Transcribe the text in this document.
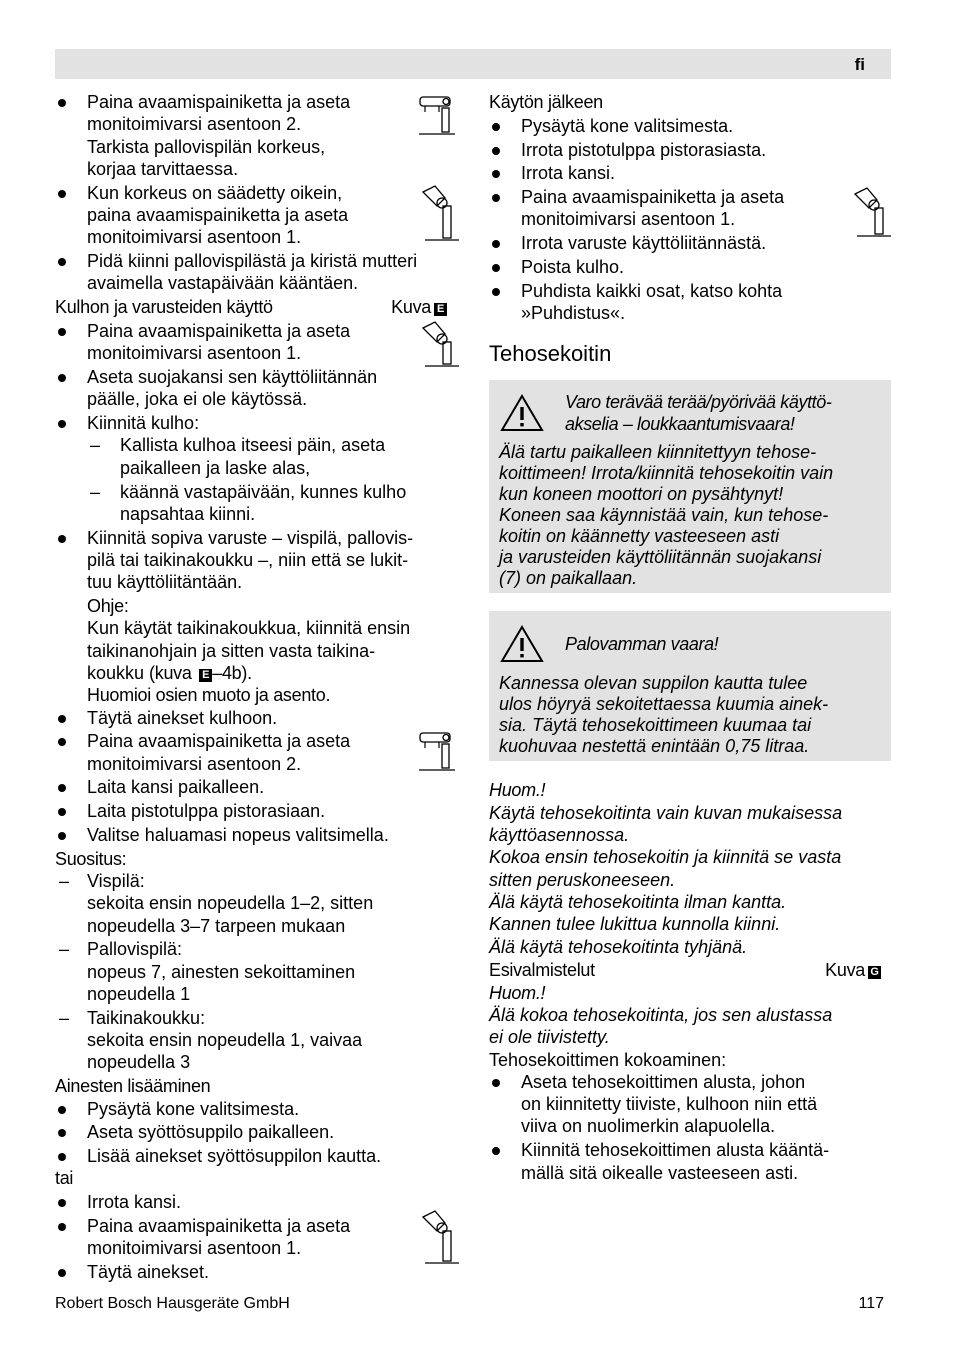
fi
Paina avaamispainiketta ja aseta
monitoimivarsi asentoon 2.
Tarkista pallovispilän korkeus,
korjaa tarvittaessa.
Kun korkeus on säädetty oikein,
paina avaamispainiketta ja aseta
monitoimivarsi asentoon 1.
Pidä kiinni pallovispilästä ja kiristä mutteri
avaimella vastapäivään kääntäen.
Kulhon ja varusteiden käyttö	Kuva E
Paina avaamispainiketta ja aseta
monitoimivarsi asentoon 1.
Aseta suojakansi sen käyttöliitännän
päälle, joka ei ole käytössä.
Kiinnitä kulho:
– Kallista kulhoa itseesi päin, aseta
paikalleen ja laske alas,
– käännä vastapäivään, kunnes kulho
napsahtaa kiinni.
Kiinnitä sopiva varuste – vispilä, pallovis-
pilä tai taikinakoukku –, niin että se lukit-
tuu käyttöliitäntään.
Ohje:
Kun käytät taikinakoukkua, kiinnitä ensin
taikinanohjain ja sitten vasta taikina-
koukku (kuva E –4b).
Huomioi osien muoto ja asento.
Täytä ainekset kulhoon.
Paina avaamispainiketta ja aseta
monitoimivarsi asentoon 2.
Laita kansi paikalleen.
Laita pistotulppa pistorasiaan.
Valitse haluamasi nopeus valitsimella.
Suositus:
– Vispilä:
sekoita ensin nopeudella 1–2, sitten
nopeudella 3–7 tarpeen mukaan
– Pallovispilä:
nopeus 7, ainesten sekoittaminen
nopeudella 1
– Taikinakoukku:
sekoita ensin nopeudella 1, vaivaa
nopeudella 3
Ainesten lisääminen
Pysäytä kone valitsimesta.
Aseta syöttösuppilo paikalleen.
Lisää ainekset syöttösuppilon kautta.
tai
Irrota kansi.
Paina avaamispainiketta ja aseta
monitoimivarsi asentoon 1.
Täytä ainekset.
Käytön jälkeen
Pysäytä kone valitsimesta.
Irrota pistotulppa pistorasiasta.
Irrota kansi.
Paina avaamispainiketta ja aseta
monitoimivarsi asentoon 1.
Irrota varuste käyttöliitännästä.
Poista kulho.
Puhdista kaikki osat, katso kohta
»Puhdistus«.
Tehosekoitin
Varo terävää terää/pyörivää käyttö-
akselia – loukkaantumisvaara!
Älä tartu paikalleen kiinnitettyyn tehose-
koittimeen! Irrota/kiinnitä tehosekoitin vain
kun koneen moottori on pysähtynyt!
Koneen saa käynnistää vain, kun tehose-
koitin on käännetty vasteeseen asti
ja varusteiden käyttöliitännän suojakansi
(7) on paikallaan.
Palovamman vaara!
Kannessa olevan suppilon kautta tulee
ulos höyryä sekoitettaessa kuumia ainek-
sia. Täytä tehosekoittimeen kuumaa tai
kuohuvaa nestettä enintään 0,75 litraa.
Huom.!
Käytä tehosekoitinta vain kuvan mukaisessa
käyttöasennossa.
Kokoa ensin tehosekoitin ja kiinnitä se vasta
sitten peruskoneeseen.
Älä käytä tehosekoitinta ilman kantta.
Kannen tulee lukittua kunnolla kiinni.
Älä käytä tehosekoitinta tyhjänä.
Esivalmistelut	Kuva G
Huom.!
Älä kokoa tehosekoitinta, jos sen alustassa
ei ole tiivistetty.
Tehosekoittimen kokoaminen:
Aseta tehosekoittimen alusta, johon
on kiinnitetty tiiviste, kulhoon niin että
viiva on nuolimerkin alapuolella.
Kiinnitä tehosekoittimen alusta kääntä-
mällä sitä oikealle vasteeseen asti.
Robert Bosch Hausgeräte GmbH	117
